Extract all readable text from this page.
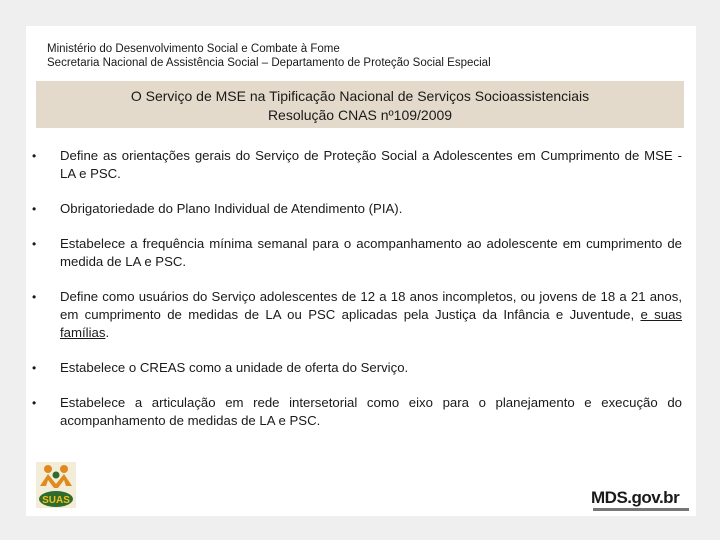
Ministério do Desenvolvimento Social e Combate à Fome
Secretaria Nacional de Assistência Social – Departamento de Proteção Social Especial
O Serviço de MSE na Tipificação Nacional de Serviços Socioassistenciais
Resolução CNAS nº109/2009
•	Define as orientações gerais do Serviço de Proteção Social a Adolescentes em Cumprimento de MSE - LA e PSC.
•	Obrigatoriedade do Plano Individual de Atendimento (PIA).
•	Estabelece a frequência mínima semanal para o acompanhamento ao adolescente em cumprimento de medida de LA e PSC.
•	Define como usuários do Serviço adolescentes de 12 a 18 anos incompletos, ou jovens de 18 a 21 anos, em cumprimento de medidas de LA ou PSC aplicadas pela Justiça da Infância e Juventude, e suas famílias.
•	Estabelece o CREAS como a unidade de oferta do Serviço.
•	Estabelece a articulação em rede intersetorial como eixo para o planejamento e execução do acompanhamento de medidas de LA e PSC.
SUAS	MDS.gov.br
